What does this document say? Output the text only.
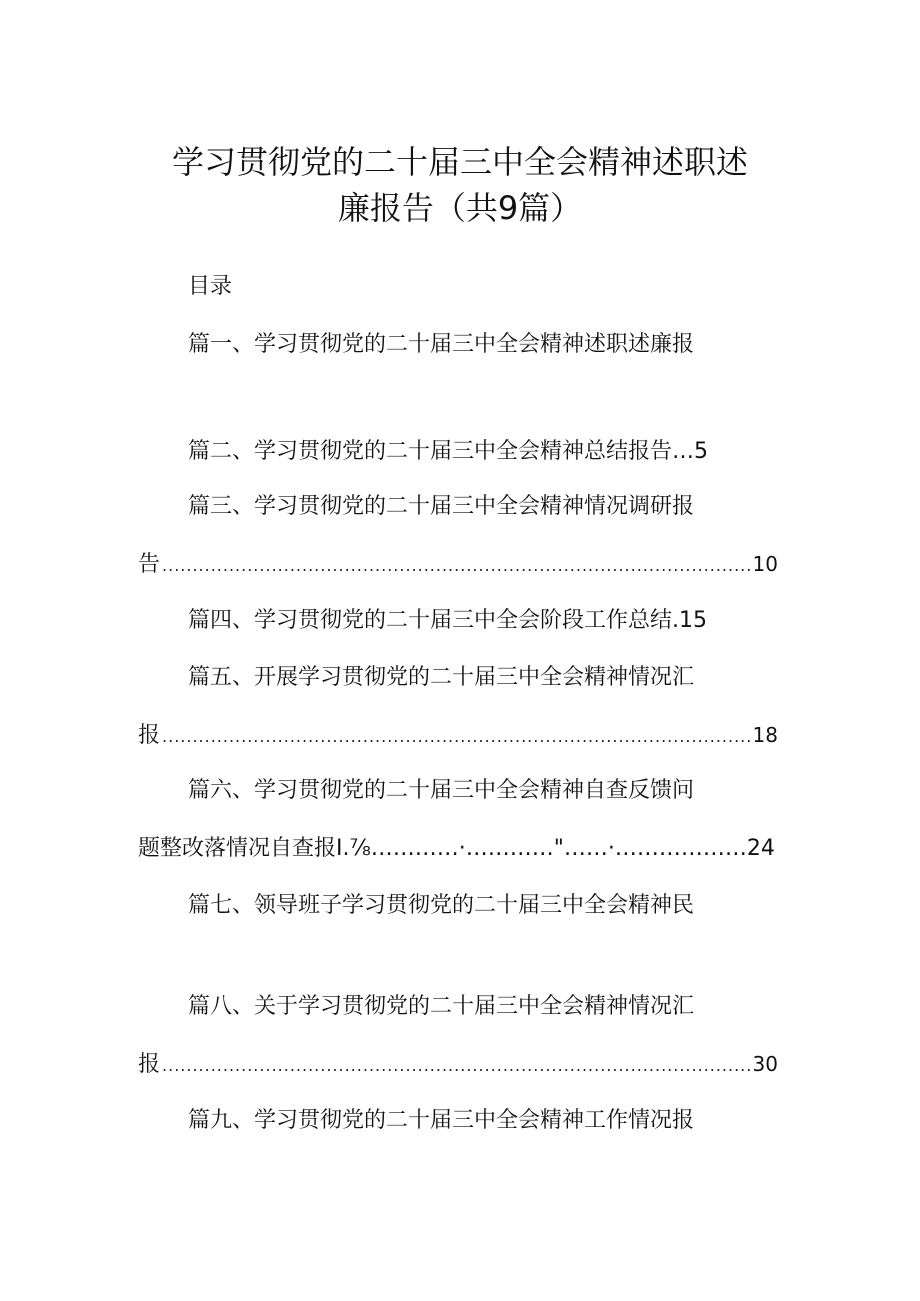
学习贯彻党的二十届三中全会精神述职述
廉报告（共9篇）
目录
篇一、学习贯彻党的二十届三中全会精神述职述廉报
篇二、学习贯彻党的二十届三中全会精神总结报告…5
篇三、学习贯彻党的二十届三中全会精神情况调研报
告 .....	10
篇四、学习贯彻党的二十届三中全会阶段工作总结.15
篇五、开展学习贯彻党的二十届三中全会精神情况汇
报 .....	18
篇六、学习贯彻党的二十届三中全会精神自查反馈问
题整改落情况自查报I.⅞…………·…………"……·………………24
篇七、领导班子学习贯彻党的二十届三中全会精神民
篇八、关于学习贯彻党的二十届三中全会精神情况汇
报 .....	30
篇九、学习贯彻党的二十届三中全会精神工作情况报
